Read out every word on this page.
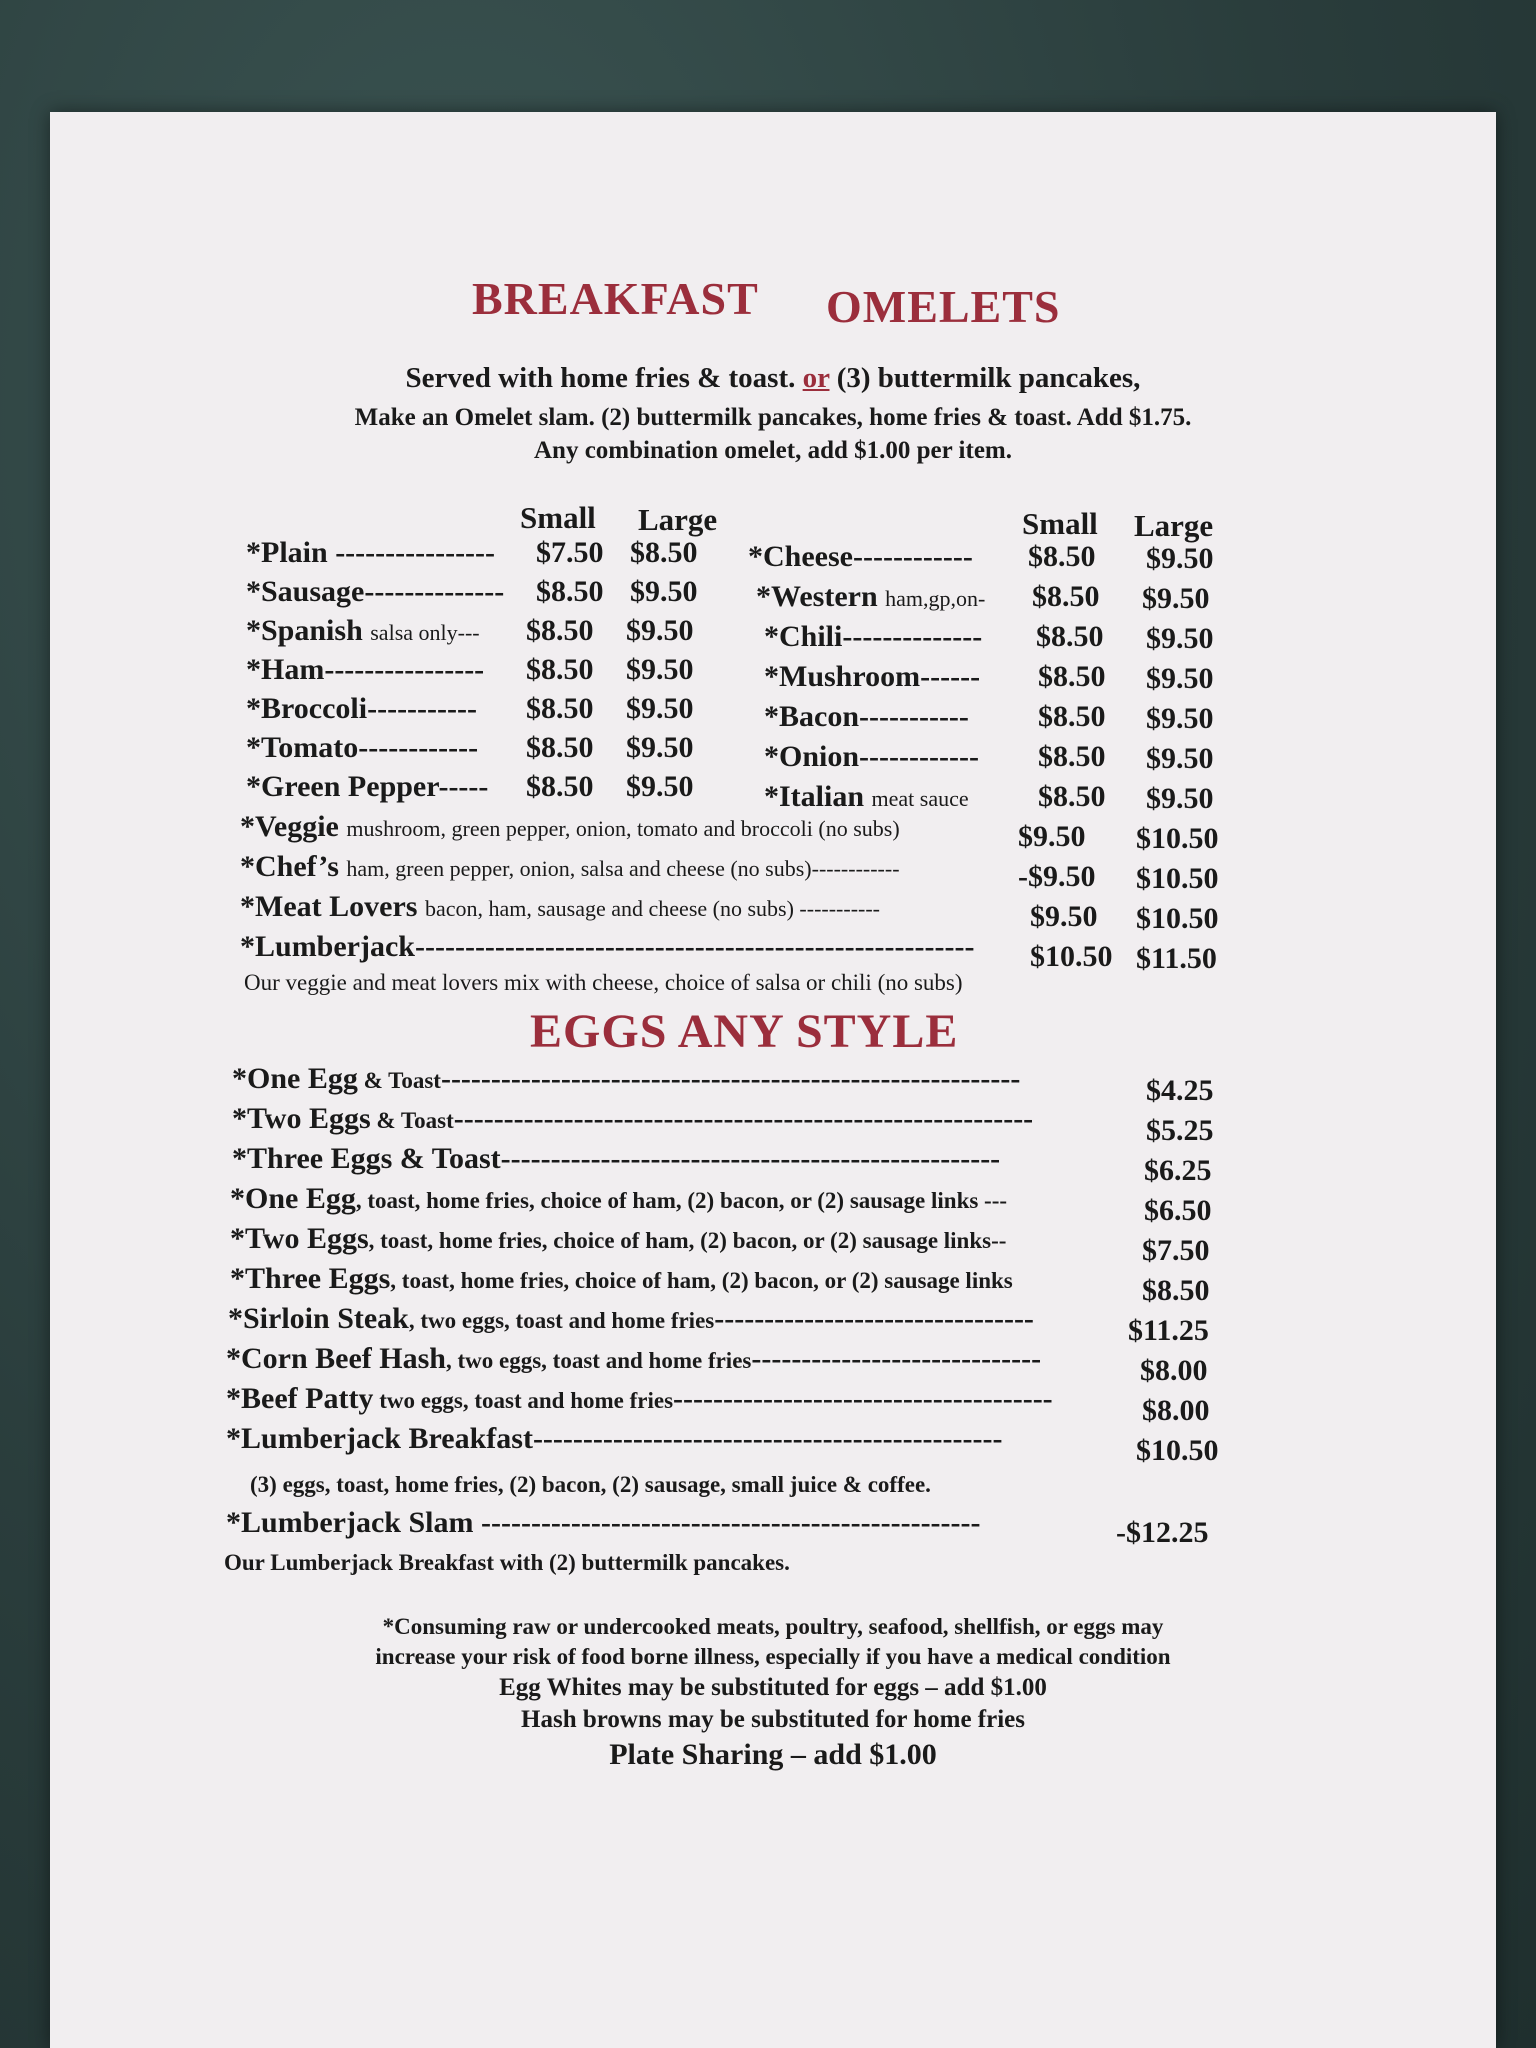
BREAKFAST OMELETS
Served with home fries & toast. or (3) buttermilk pancakes,
Make an Omelet slam. (2) buttermilk pancakes, home fries & toast. Add $1.75.
Any combination omelet, add $1.00 per item.
Small Large	Small Large
*Plain ---------------- $7.50 $8.50
*Sausage-------------- $8.50 $9.50
*Spanish salsa only--- $8.50 $9.50
*Ham---------------- $8.50 $9.50
*Broccoli----------- $8.50 $9.50
*Tomato------------ $8.50 $9.50
*Green Pepper----- $8.50 $9.50
*Cheese------------ $8.50 $9.50
*Western ham,gp,on- $8.50 $9.50
*Chili-------------- $8.50 $9.50
*Mushroom------ $8.50 $9.50
*Bacon----------- $8.50 $9.50
*Onion------------ $8.50 $9.50
*Italian meat sauce $8.50 $9.50
*Veggie mushroom, green pepper, onion, tomato and broccoli (no subs)	$9.50 $10.50
*Chef’s ham, green pepper, onion, salsa and cheese (no subs)------------	-$9.50 $10.50
*Meat Lovers bacon, ham, sausage and cheese (no subs) -----------	$9.50 $10.50
*Lumberjack-------------------------------------------------------- $10.50 $11.50
Our veggie and meat lovers mix with cheese, choice of salsa or chili (no subs)
EGGS ANY STYLE
*One Egg & Toast----------------------------------------------------------	$4.25
*Two Eggs & Toast----------------------------------------------------------	$5.25
*Three Eggs & Toast--------------------------------------------------	$6.25
*One Egg, toast, home fries, choice of ham, (2) bacon, or (2) sausage links ---	$6.50
*Two Eggs, toast, home fries, choice of ham, (2) bacon, or (2) sausage links--	$7.50
*Three Eggs, toast, home fries, choice of ham, (2) bacon, or (2) sausage links	$8.50
*Sirloin Steak, two eggs, toast and home fries--------------------------------	$11.25
*Corn Beef Hash, two eggs, toast and home fries-----------------------------	$8.00
*Beef Patty two eggs, toast and home fries--------------------------------------	$8.00
*Lumberjack Breakfast-----------------------------------------------	$10.50
(3) eggs, toast, home fries, (2) bacon, (2) sausage, small juice & coffee.
*Lumberjack Slam --------------------------------------------------	-$12.25
Our Lumberjack Breakfast with (2) buttermilk pancakes.
*Consuming raw or undercooked meats, poultry, seafood, shellfish, or eggs may
increase your risk of food borne illness, especially if you have a medical condition
Egg Whites may be substituted for eggs – add $1.00
Hash browns may be substituted for home fries
Plate Sharing – add $1.00
